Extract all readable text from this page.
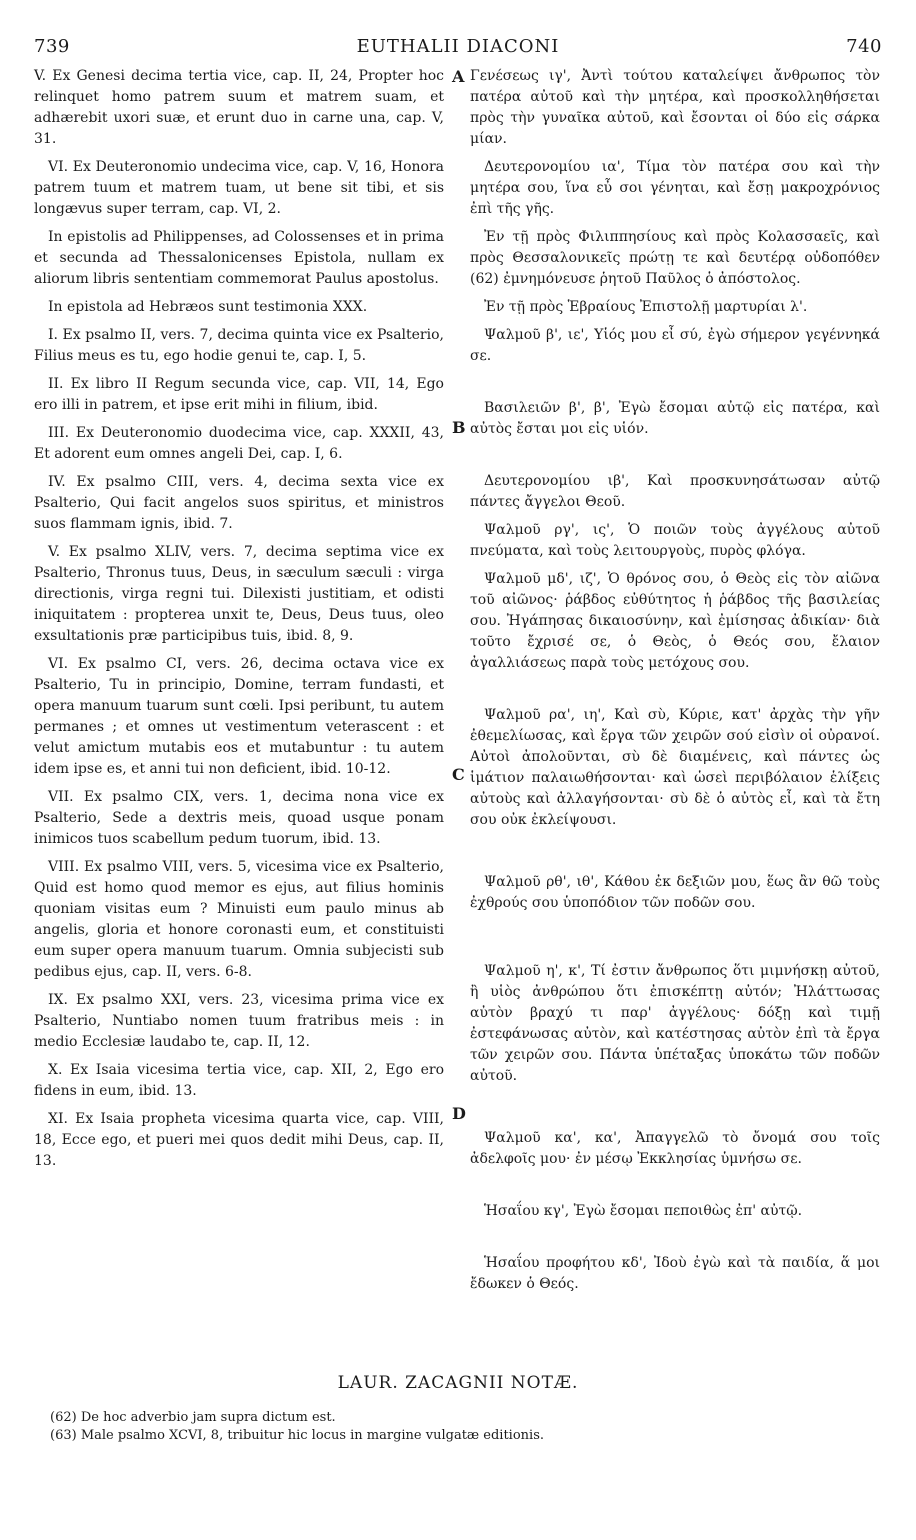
739	EUTHALII DIACONI	740

V. Ex Genesi decima tertia vice, cap. II, 24, Propter hoc relinquet homo patrem suum et matrem suam, et adhærebit uxori suæ, et erunt duo in carne una, cap. V, 31.

VI. Ex Deuteronomio undecima vice, cap. V, 16, Honora patrem tuum et matrem tuam, ut bene sit tibi, et sis longævus super terram, cap. VI, 2.

In epistolis ad Philippenses, ad Colossenses et in prima et secunda ad Thessalonicenses Epistola, nullam ex aliorum libris sententiam commemorat Paulus apostolus.

In epistola ad Hebræos sunt testimonia XXX.

I. Ex psalmo II, vers. 7, decima quinta vice ex Psalterio, Filius meus es tu, ego hodie genui te, cap. I, 5.

II. Ex libro II Regum secunda vice, cap. VII, 14, Ego ero illi in patrem, et ipse erit mihi in filium, ibid.

III. Ex Deuteronomio duodecima vice, cap. XXXII, 43, Et adorent eum omnes angeli Dei, cap. I, 6.

IV. Ex psalmo CIII, vers. 4, decima sexta vice ex Psalterio, Qui facit angelos suos spiritus, et ministros suos flammam ignis, ibid. 7.

V. Ex psalmo XLIV, vers. 7, decima septima vice ex Psalterio, Thronus tuus, Deus, in sæculum sæculi : virga directionis, virga regni tui. Dilexisti justitiam, et odisti iniquitatem : propterea unxit te, Deus, Deus tuus, oleo exsultationis præ participibus tuis, ibid. 8, 9.

VI. Ex psalmo CI, vers. 26, decima octava vice ex Psalterio, Tu in principio, Domine, terram fundasti, et opera manuum tuarum sunt cœli. Ipsi peribunt, tu autem permanes ; et omnes ut vestimentum veterascent : et velut amictum mutabis eos et mutabuntur : tu autem idem ipse es, et anni tui non deficient, ibid. 10-12.

VII. Ex psalmo CIX, vers. 1, decima nona vice ex Psalterio, Sede a dextris meis, quoad usque ponam inimicos tuos scabellum pedum tuorum, ibid. 13.

VIII. Ex psalmo VIII, vers. 5, vicesima vice ex Psalterio, Quid est homo quod memor es ejus, aut filius hominis quoniam visitas eum ? Minuisti eum paulo minus ab angelis, gloria et honore coronasti eum, et constituisti eum super opera manuum tuarum. Omnia subjecisti sub pedibus ejus, cap. II, vers. 6-8.

IX. Ex psalmo XXI, vers. 23, vicesima prima vice ex Psalterio, Nuntiabo nomen tuum fratribus meis : in medio Ecclesiæ laudabo te, cap. II, 12.

X. Ex Isaia vicesima tertia vice, cap. XII, 2, Ego ero fidens in eum, ibid. 13.

XI. Ex Isaia propheta vicesima quarta vice, cap. VIII, 18, Ecce ego, et pueri mei quos dedit mihi Deus, cap. II, 13.

Γενέσεως ιγ', Ἀντὶ τούτου καταλείψει ἄνθρωπος τὸν πατέρα αὐτοῦ καὶ τὴν μητέρα, καὶ προσκολληθήσεται πρὸς τὴν γυναῖκα αὐτοῦ, καὶ ἔσονται οἱ δύο εἰς σάρκα μίαν.

Δευτερονομίου ια', Τίμα τὸν πατέρα σου καὶ τὴν μητέρα σου, ἵνα εὖ σοι γένηται, καὶ ἔσῃ μακροχρόνιος ἐπὶ τῆς γῆς.

Ἐν τῇ πρὸς Φιλιππησίους καὶ πρὸς Κολασσαεῖς, καὶ πρὸς Θεσσαλονικεῖς πρώτῃ τε καὶ δευτέρᾳ οὐδοπόθεν (62) ἐμνημόνευσε ῥητοῦ Παῦλος ὁ ἀπόστολος.

Ἐν τῇ πρὸς Ἑβραίους Ἐπιστολῇ μαρτυρίαι λ'.

Ψαλμοῦ β', ιε', Υἱός μου εἶ σύ, ἐγὼ σήμερον γεγέννηκά σε.

Βασιλειῶν β', β', Ἐγὼ ἔσομαι αὐτῷ εἰς πατέρα, καὶ αὐτὸς ἔσται μοι εἰς υἱόν.

Δευτερονομίου ιβ', Καὶ προσκυνησάτωσαν αὐτῷ πάντες ἄγγελοι Θεοῦ.

Ψαλμοῦ ργ', ις', Ὁ ποιῶν τοὺς ἀγγέλους αὐτοῦ πνεύματα, καὶ τοὺς λειτουργοὺς, πυρὸς φλόγα.

Ψαλμοῦ μδ', ιζ', Ὁ θρόνος σου, ὁ Θεὸς εἰς τὸν αἰῶνα τοῦ αἰῶνος· ῥάβδος εὐθύτητος ἡ ῥάβδος τῆς βασιλείας σου. Ἠγάπησας δικαιοσύνην, καὶ ἐμίσησας ἀδικίαν· διὰ τοῦτο ἔχρισέ σε, ὁ Θεὸς, ὁ Θεός σου, ἔλαιον ἀγαλλιάσεως παρὰ τοὺς μετόχους σου.

Ψαλμοῦ ρα', ιη', Καὶ σὺ, Κύριε, κατ' ἀρχὰς τὴν γῆν ἐθεμελίωσας, καὶ ἔργα τῶν χειρῶν σού εἰσὶν οἱ οὐρανοί. Αὐτοὶ ἀπολοῦνται, σὺ δὲ διαμένεις, καὶ πάντες ὡς ἱμάτιον παλαιωθήσονται· καὶ ὡσεὶ περιβόλαιον ἑλίξεις αὐτοὺς καὶ ἀλλαγήσονται· σὺ δὲ ὁ αὐτὸς εἶ, καὶ τὰ ἔτη σου οὐκ ἐκλείψουσι.

Ψαλμοῦ ρθ', ιθ', Κάθου ἐκ δεξιῶν μου, ἕως ἂν θῶ τοὺς ἐχθρούς σου ὑποπόδιον τῶν ποδῶν σου.

Ψαλμοῦ η', κ', Τί ἐστιν ἄνθρωπος ὅτι μιμνήσκῃ αὐτοῦ, ἢ υἱὸς ἀνθρώπου ὅτι ἐπισκέπτῃ αὐτόν; Ἠλάττωσας αὐτὸν βραχύ τι παρ' ἀγγέλους· δόξῃ καὶ τιμῇ ἐστεφάνωσας αὐτὸν, καὶ κατέστησας αὐτὸν ἐπὶ τὰ ἔργα τῶν χειρῶν σου. Πάντα ὑπέταξας ὑποκάτω τῶν ποδῶν αὐτοῦ.

Ψαλμοῦ κα', κα', Ἀπαγγελῶ τὸ ὄνομά σου τοῖς ἀδελφοῖς μου· ἐν μέσῳ Ἐκκλησίας ὑμνήσω σε.

Ἡσαΐου κγ', Ἐγὼ ἔσομαι πεποιθὼς ἐπ' αὐτῷ.

Ἡσαΐου προφήτου κδ', Ἰδοὺ ἐγὼ καὶ τὰ παιδία, ἅ μοι ἔδωκεν ὁ Θεός.

A
B
C
D
LAUR. ZACAGNII NOTÆ.
(62) De hoc adverbio jam supra dictum est.
(63) Male psalmo XCVI, 8, tribuitur hic locus in margine vulgatæ editionis.
